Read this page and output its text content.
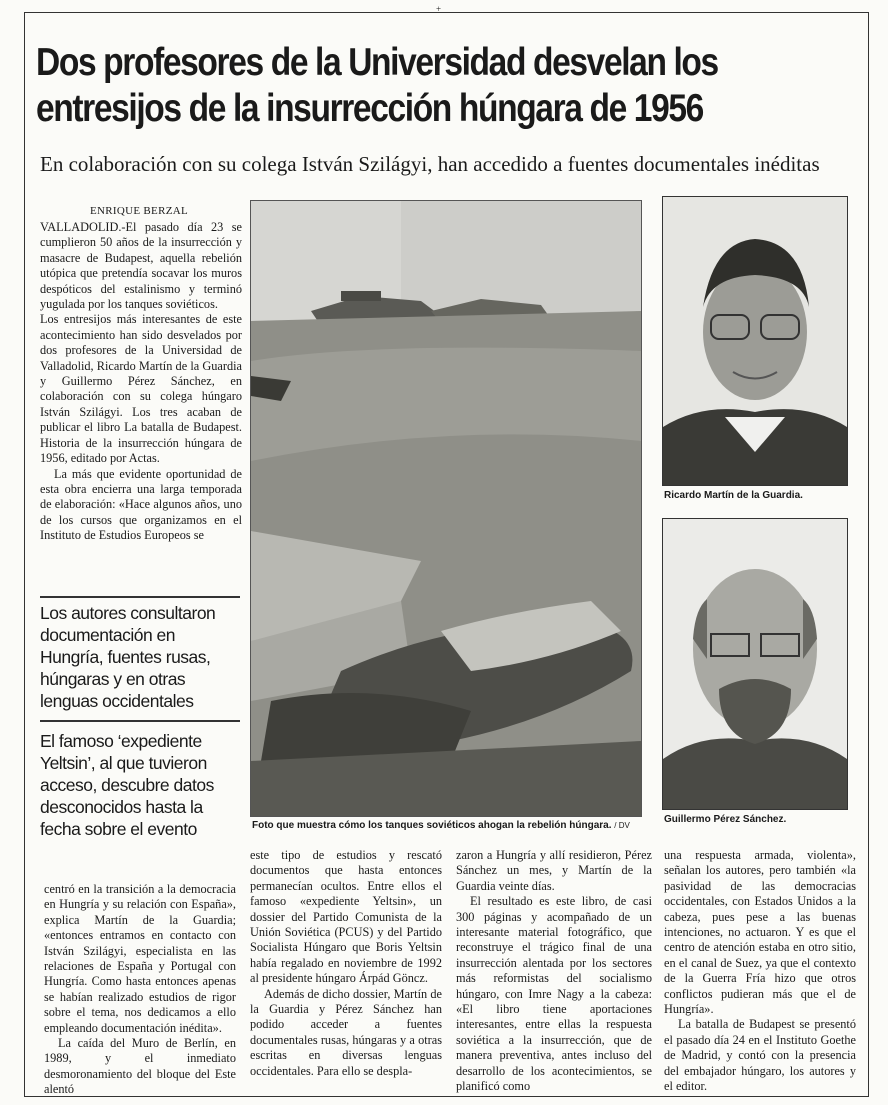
+
Dos profesores de la Universidad desvelan los
entresijos de la insurrección húngara de 1956
En colaboración con su colega István Szilágyi, han accedido a fuentes documentales inéditas
ENRIQUE BERZAL

VALLADOLID.-El pasado día 23 se cumplieron 50 años de la insurrección y masacre de Budapest, aquella rebelión utópica que pretendía socavar los muros despóticos del estalinismo y terminó yugulada por los tanques soviéticos.

Los entresijos más interesantes de este acontecimiento han sido desvelados por dos profesores de la Universidad de Valladolid, Ricardo Martín de la Guardia y Guillermo Pérez Sánchez, en colaboración con su colega húngaro István Szilágyi. Los tres acaban de publicar el libro La batalla de Budapest. Historia de la insurrección húngara de 1956, editado por Actas.

La más que evidente oportunidad de esta obra encierra una larga temporada de elaboración: «Hace algunos años, uno de los cursos que organizamos en el Instituto de Estudios Europeos se

Los autores consultaron documentación en Hungría, fuentes rusas, húngaras y en otras lenguas occidentales
El famoso ‘expediente Yeltsin’, al que tuvieron acceso, descubre datos desconocidos hasta la fecha sobre el evento	Foto que muestra cómo los tanques soviéticos ahogan la rebelión húngara. / DV
Ricardo Martín de la Guardia.
Guillermo Pérez Sánchez.

centró en la transición a la democracia en Hungría y su relación con España», explica Martín de la Guardia; «entonces entramos en contacto con István Szilágyi, especialista en las relaciones de España y Portugal con Hungría. Como hasta entonces apenas se habían realizado estudios de rigor sobre el tema, nos dedicamos a ello empleando documentación inédita».

La caída del Muro de Berlín, en 1989, y el inmediato desmoronamiento del bloque del Este alentó

este tipo de estudios y rescató documentos que hasta entonces permanecían ocultos. Entre ellos el famoso «expediente Yeltsin», un dossier del Partido Comunista de la Unión Soviética (PCUS) y del Partido Socialista Húngaro que Boris Yeltsin había regalado en noviembre de 1992 al presidente húngaro Árpád Göncz.

Además de dicho dossier, Martín de la Guardia y Pérez Sánchez han podido acceder a fuentes documentales rusas, húngaras y a otras escritas en diversas lenguas occidentales. Para ello se despla-

zaron a Hungría y allí residieron, Pérez Sánchez un mes, y Martín de la Guardia veinte días.

El resultado es este libro, de casi 300 páginas y acompañado de un interesante material fotográfico, que reconstruye el trágico final de una insurrección alentada por los sectores más reformistas del socialismo húngaro, con Imre Nagy a la cabeza: «El libro tiene aportaciones interesantes, entre ellas la respuesta soviética a la insurrección, que de manera preventiva, antes incluso del desarrollo de los acontecimientos, se planificó como

una respuesta armada, violenta», señalan los autores, pero también «la pasividad de las democracias occidentales, con Estados Unidos a la cabeza, pues pese a las buenas intenciones, no actuaron. Y es que el centro de atención estaba en otro sitio, en el canal de Suez, ya que el contexto de la Guerra Fría hizo que otros conflictos pudieran más que el de Hungría».

La batalla de Budapest se presentó el pasado día 24 en el Instituto Goethe de Madrid, y contó con la presencia del embajador húngaro, los autores y el editor.
